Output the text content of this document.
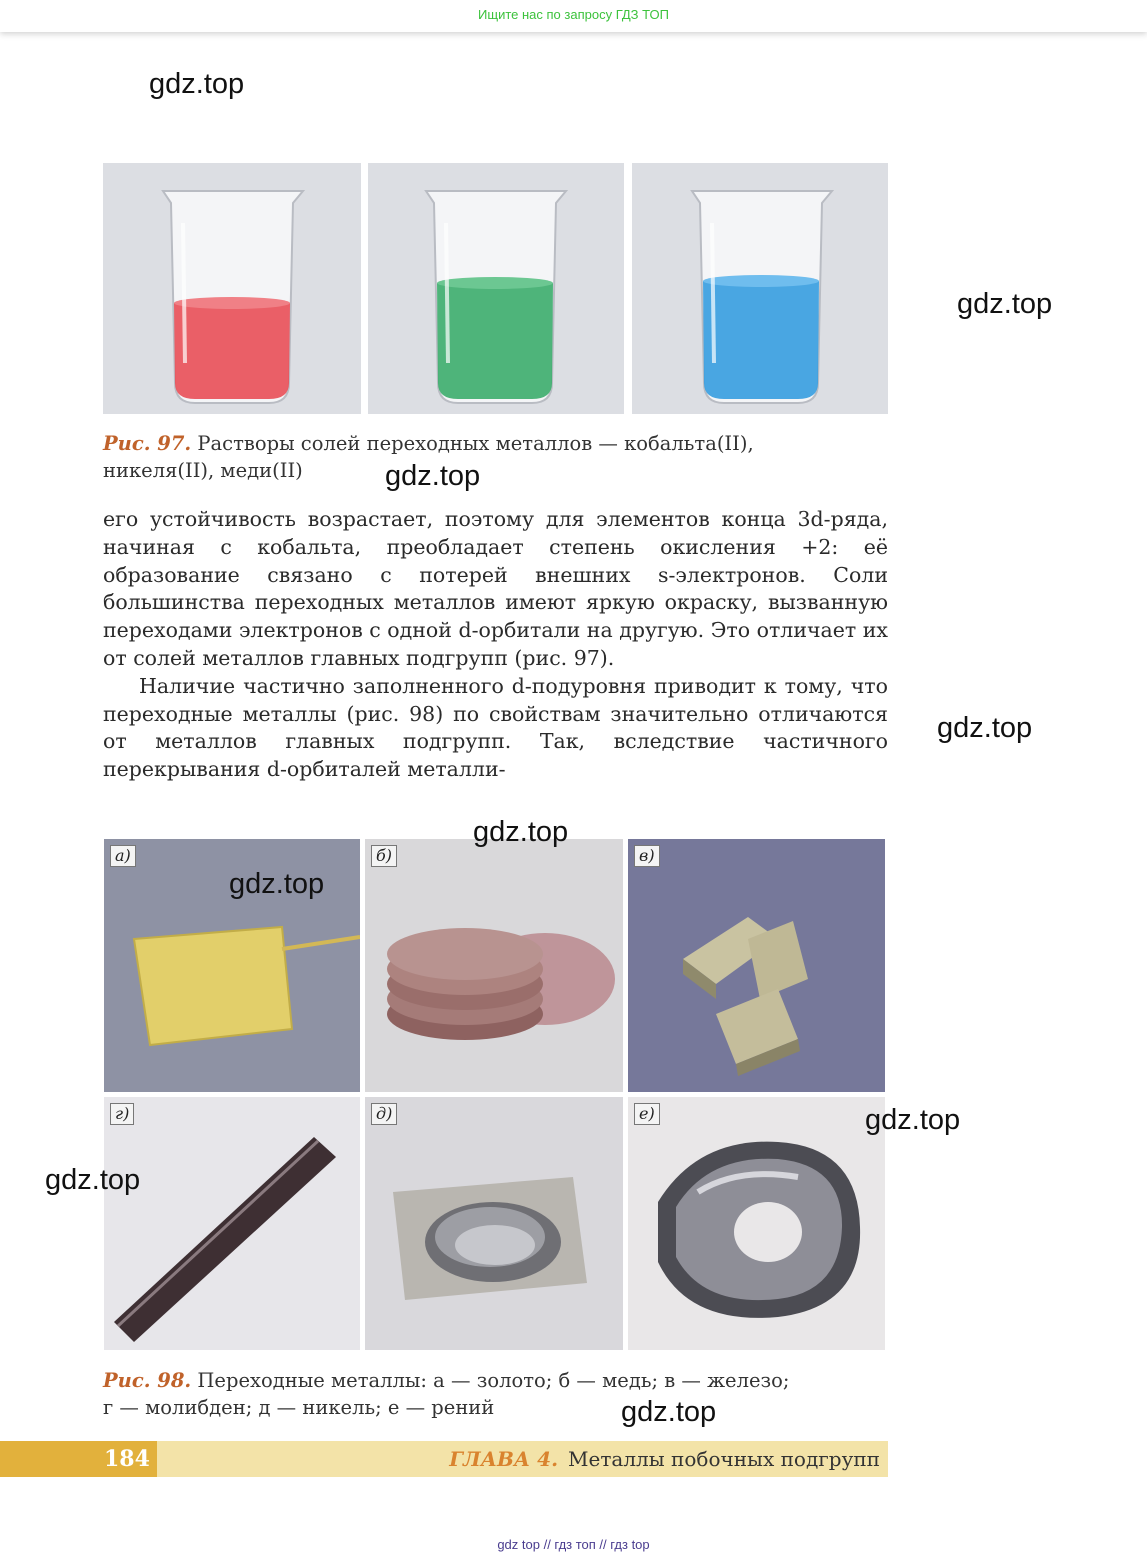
Ищите нас по запросу ГДЗ ТОП
Рис. 97. Растворы солей переходных металлов — кобальта(II),
никеля(II), меди(II)

его устойчивость возрастает, поэтому для элементов конца 3d-ряда, начиная с кобальта, преобладает степень окисления +2: её образование связано с потерей внешних s-электронов. Соли большинства переходных металлов имеют яркую окраску, вызванную переходами электронов с одной d-орбитали на другую. Это отличает их от солей металлов главных подгрупп (рис. 97).

Наличие частично заполненного d-подуровня приводит к тому, что переходные металлы (рис. 98) по свойствам значительно отличаются от металлов главных подгрупп. Так, вследствие частичного перекрывания d-орбиталей металли-

а)	б)	в)
г)	д)	е)
Рис. 98. Переходные металлы: а — золото; б — медь; в — железо;
г — молибден; д — никель; е — рений
184	ГЛАВА 4. Металлы побочных подгрупп
gdz.top
gdz.top
gdz.top
gdz.top
gdz.top
gdz.top
gdz.top
gdz.top
gdz.top
gdz top // гдз топ // гдз top
